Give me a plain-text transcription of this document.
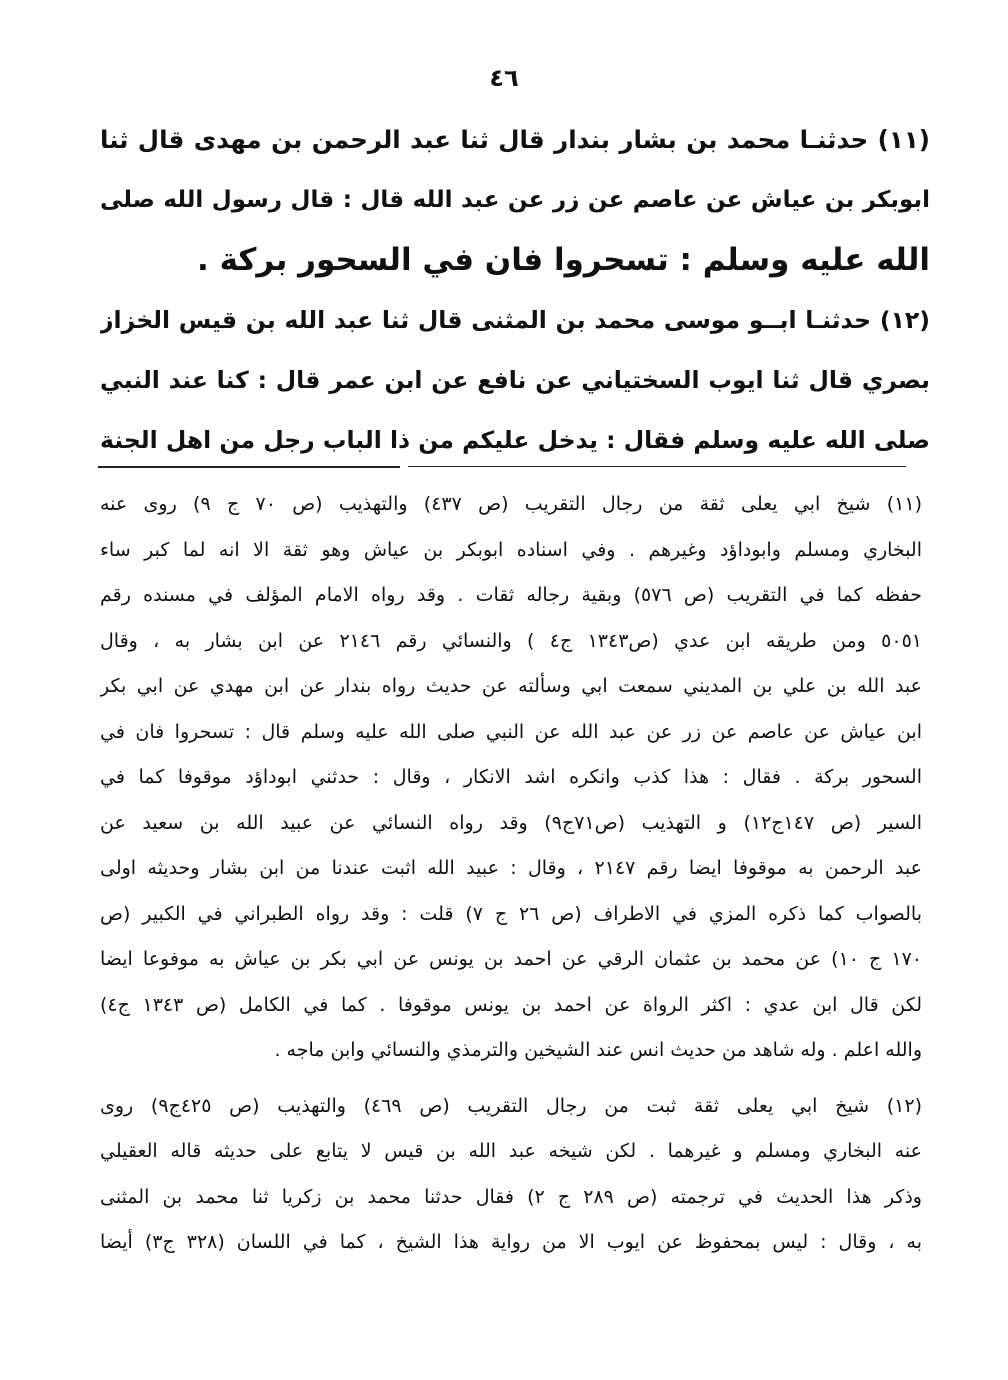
٤٦
(١١) حدثنـا محمد بن بشار بندار قال ثنا عبد الرحمن بن مهدى قال ثنا
ابوبكر بن عياش عن عاصم عن زر عن عبد الله قال : قال رسول الله صلى
الله عليه وسلم : تسحروا فان في السحور بركة .
(١٢) حدثنـا ابــو موسى محمد بن المثنى قال ثنا عبد الله بن قيس الخزاز
بصري قال ثنا ايوب السختياني عن نافع عن ابن عمر قال : كنا عند النبي
صلى الله عليه وسلم فقال : يدخل عليكم من ذا الباب رجل من اهل الجنة
(١١) شيخ ابي يعلى ثقة من رجال التقريب (ص ٤٣٧) والتهذيب (ص ٧٠ ج ٩) روى عنه
البخاري ومسلم وابوداؤد وغيرهم . وفي اسناده ابوبكر بن عياش وهو ثقة الا انه لما كبر ساء
حفظه كما في التقريب (ص ٥٧٦) وبقية رجاله ثقات . وقد رواه الامام المؤلف في مسنده رقم
٥٠٥١ ومن طريقه ابن عدي (ص١٣٤٣ ج٤ ) والنسائي رقم ٢١٤٦ عن ابن بشار به ، وقال
عبد الله بن علي بن المديني سمعت ابي وسألته عن حديث رواه بندار عن ابن مهدي عن ابي بكر
ابن عياش عن عاصم عن زر عن عبد الله عن النبي صلى الله عليه وسلم قال : تسحروا فان في
السحور بركة . فقال : هذا كذب وانكره اشد الانكار ، وقال : حدثني ابوداؤد موقوفا كما في
السير (ص ١٤٧ج١٢) و التهذيب (ص٧١ج٩) وقد رواه النسائي عن عبيد الله بن سعيد عن
عبد الرحمن به موقوفا ايضا رقم ٢١٤٧ ، وقال : عبيد الله اثبت عندنا من ابن بشار وحديثه اولى
بالصواب كما ذكره المزي في الاطراف (ص ٢٦ ج ٧) قلت : وقد رواه الطبراني في الكبير (ص
١٧٠ ج ١٠) عن محمد بن عثمان الرقي عن احمد بن يونس عن ابي بكر بن عياش به موفوعا ايضا
لكن قال ابن عدي : اكثر الرواة عن احمد بن يونس موقوفا . كما في الكامل (ص ١٣٤٣ ج٤)
والله اعلم . وله شاهد من حديث انس عند الشيخين والترمذي والنسائي وابن ماجه .
(١٢) شيخ ابي يعلى ثقة ثبت من رجال التقريب (ص ٤٦٩) والتهذيب (ص ٤٢٥ج٩) روى
عنه البخاري ومسلم و غيرهما . لكن شيخه عبد الله بن قيس لا يتابع على حديثه قاله العقيلي
وذكر هذا الحديث في ترجمته (ص ٢٨٩ ج ٢) فقال حدثنا محمد بن زكريا ثنا محمد بن المثنى
به ، وقال : ليس بمحفوظ عن ايوب الا من رواية هذا الشيخ ، كما في اللسان (٣٢٨ ج٣) أيضا
